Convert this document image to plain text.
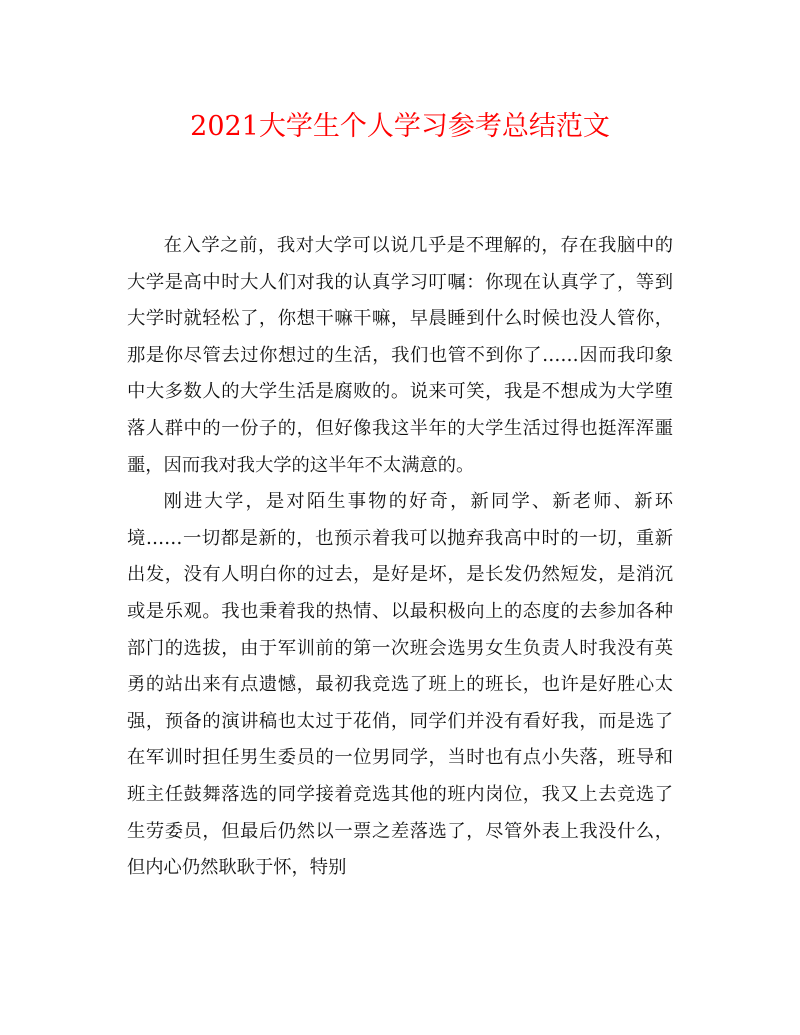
2021大学生个人学习参考总结范文

在入学之前，我对大学可以说几乎是不理解的，存在我脑中的大学是高中时大人们对我的认真学习叮嘱：你现在认真学了，等到大学时就轻松了，你想干嘛干嘛，早晨睡到什么时候也没人管你，那是你尽管去过你想过的生活，我们也管不到你了……因而我印象中大多数人的大学生活是腐败的。说来可笑，我是不想成为大学堕落人群中的一份子的，但好像我这半年的大学生活过得也挺浑浑噩噩，因而我对我大学的这半年不太满意的。

刚进大学，是对陌生事物的好奇，新同学、新老师、新环境……一切都是新的，也预示着我可以抛弃我高中时的一切，重新出发，没有人明白你的过去，是好是坏，是长发仍然短发，是消沉或是乐观。我也秉着我的热情、以最积极向上的态度的去参加各种部门的选拔，由于军训前的第一次班会选男女生负责人时我没有英勇的站出来有点遗憾，最初我竞选了班上的班长，也许是好胜心太强，预备的演讲稿也太过于花俏，同学们并没有看好我，而是选了在军训时担任男生委员的一位男同学，当时也有点小失落，班导和班主任鼓舞落选的同学接着竞选其他的班内岗位，我又上去竞选了生劳委员，但最后仍然以一票之差落选了，尽管外表上我没什么，但内心仍然耿耿于怀，特别
